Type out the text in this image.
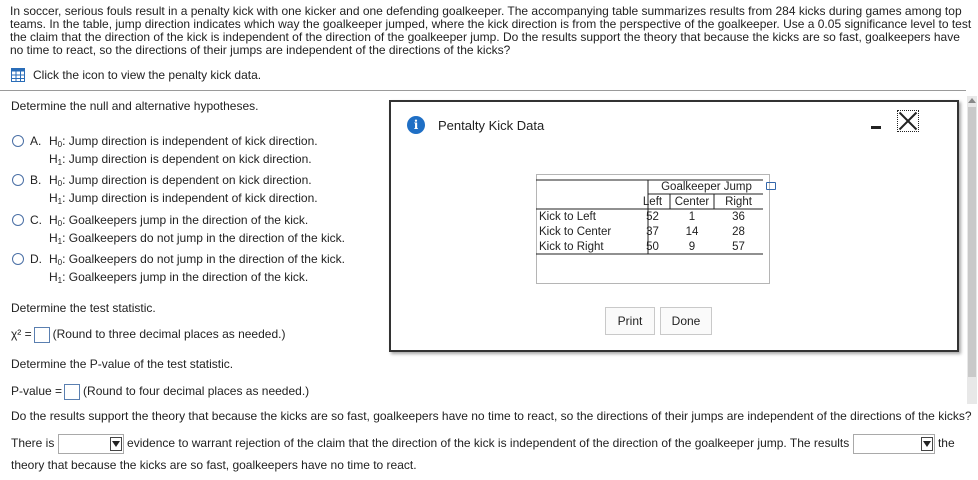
In soccer, serious fouls result in a penalty kick with one kicker and one defending goalkeeper. The accompanying table summarizes results from 284 kicks during games among top teams. In the table, jump direction indicates which way the goalkeeper jumped, where the kick direction is from the perspective of the goalkeeper. Use a 0.05 significance level to test the claim that the direction of the kick is independent of the direction of the goalkeeper jump. Do the results support the theory that because the kicks are so fast, goalkeepers have no time to react, so the directions of their jumps are independent of the directions of the kicks?
Click the icon to view the penalty kick data.
Determine the null and alternative hypotheses.
A. $H_0$: Jump direction is independent of kick direction.
$H_1$: Jump direction is dependent on kick direction.
B. $H_0$: Jump direction is dependent on kick direction.
$H_1$: Jump direction is independent of kick direction.
C. $H_0$: Goalkeepers jump in the direction of the kick.
$H_1$: Goalkeepers do not jump in the direction of the kick.
D. $H_0$: Goalkeepers do not jump in the direction of the kick.
$H_1$: Goalkeepers jump in the direction of the kick.
Determine the test statistic.
χ² = (Round to three decimal places as needed.)
Determine the P-value of the test statistic.
P-value = (Round to four decimal places as needed.)
Do the results support the theory that because the kicks are so fast, goalkeepers have no time to react, so the directions of their jumps are independent of the directions of the kicks?
There is	evidence to warrant rejection of the claim that the direction of the kick is independent of the direction of the goalkeeper jump. The results	the
theory that because the kicks are so fast, goalkeepers have no time to react.
i	Pentalty Kick Data
Goalkeeper Jump
Left	Center	Right
Kick to Left	52	1	36
Kick to Center	37	14	28
Kick to Right	50	9	57
Print	Done
